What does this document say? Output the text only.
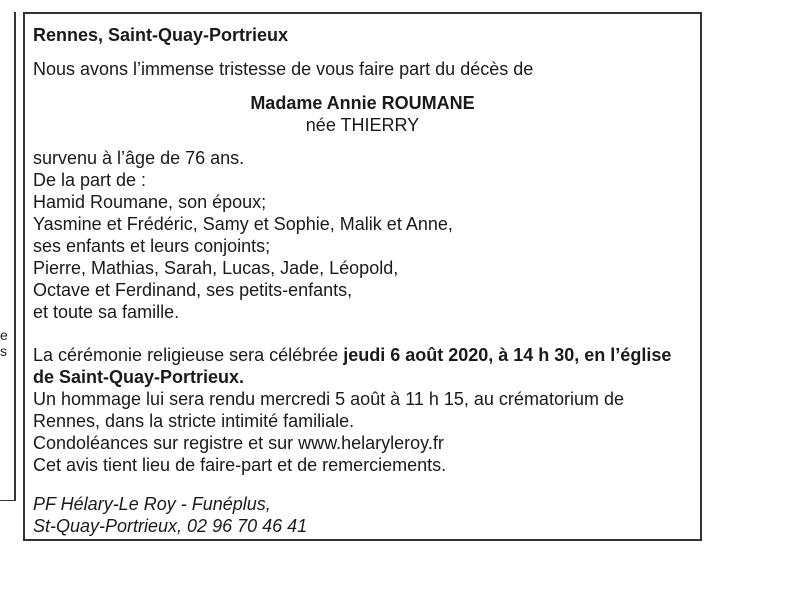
e
s
Rennes, Saint-Quay-Portrieux
Nous avons l’immense tristesse de vous faire part du décès de
Madame Annie ROUMANE
née THIERRY
survenu à l’âge de 76 ans.
De la part de :
Hamid Roumane, son époux;
Yasmine et Frédéric, Samy et Sophie, Malik et Anne,
ses enfants et leurs conjoints;
Pierre, Mathias, Sarah, Lucas, Jade, Léopold,
Octave et Ferdinand, ses petits-enfants,
et toute sa famille.
La cérémonie religieuse sera célébrée jeudi 6 août 2020, à 14 h 30, en l’église
de Saint-Quay-Portrieux.
Un hommage lui sera rendu mercredi 5 août à 11 h 15, au crématorium de
Rennes, dans la stricte intimité familiale.
Condoléances sur registre et sur www.helaryleroy.fr
Cet avis tient lieu de faire-part et de remerciements.
PF Hélary-Le Roy - Funéplus,
St-Quay-Portrieux, 02 96 70 46 41
